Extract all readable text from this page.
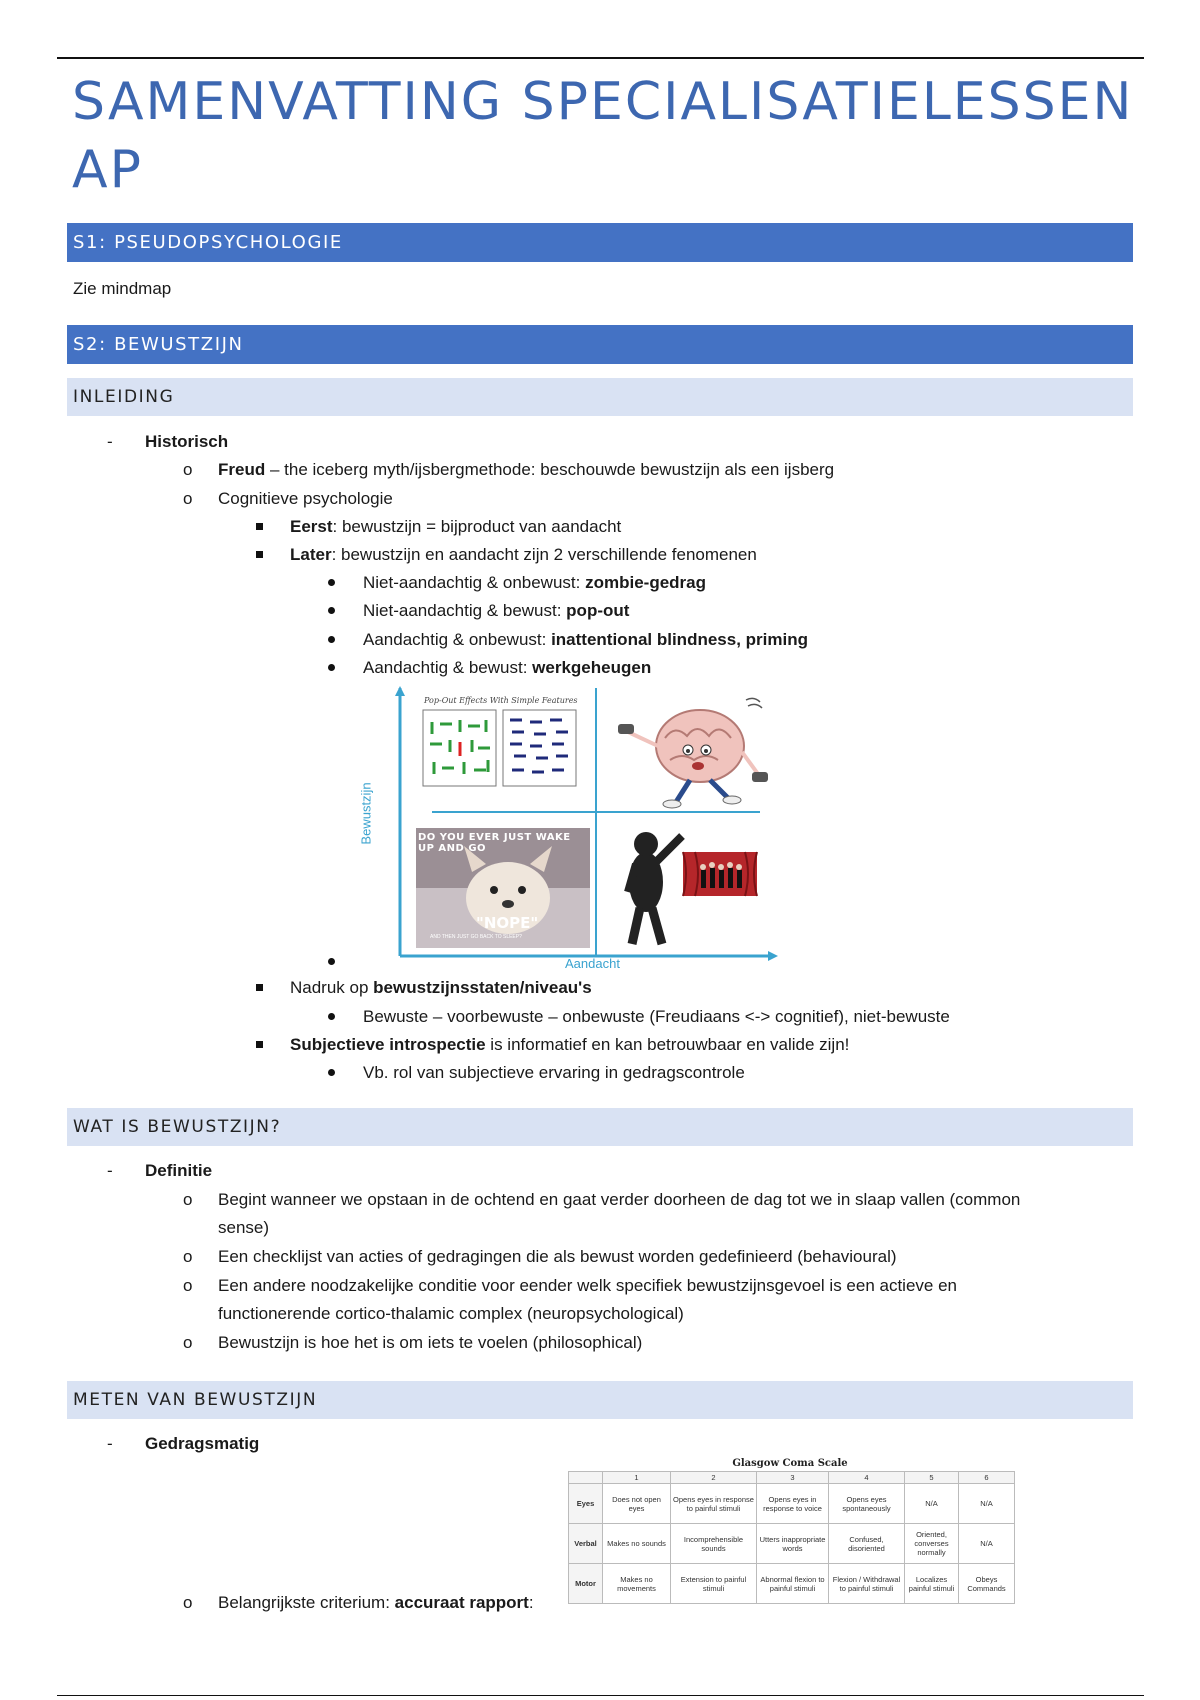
SAMENVATTING SPECIALISATIELESSEN AP
S1: PSEUDOPSYCHOLOGIE
Zie mindmap
S2: BEWUSTZIJN
INLEIDING
- Historisch
o Freud – the iceberg myth/ijsbergmethode: beschouwde bewustzijn als een ijsberg
o Cognitieve psychologie
Eerst: bewustzijn = bijproduct van aandacht
Later: bewustzijn en aandacht zijn 2 verschillende fenomenen
Niet-aandachtig & onbewust: zombie-gedrag
Niet-aandachtig & bewust: pop-out
Aandachtig & onbewust: inattentional blindness, priming
Aandachtig & bewust: werkgeheugen
Pop-Out Effects With Simple Features
DO YOU EVER JUST WAKE UP AND GO
"NOPE"
AND THEN JUST GO BACK TO SLEEP?
Bewustzijn
Aandacht
Nadruk op bewustzijnsstaten/niveau's
Bewuste – voorbewuste – onbewuste (Freudiaans <-> cognitief), niet-bewuste
Subjectieve introspectie is informatief en kan betrouwbaar en valide zijn!
Vb. rol van subjectieve ervaring in gedragscontrole
WAT IS BEWUSTZIJN?
- Definitie
o Begint wanneer we opstaan in de ochtend en gaat verder doorheen de dag tot we in slaap vallen (common
sense)
o Een checklijst van acties of gedragingen die als bewust worden gedefinieerd (behavioural)
o Een andere noodzakelijke conditie voor eender welk specifiek bewustzijnsgevoel is een actieve en
functionerende cortico-thalamic complex (neuropsychological)
o Bewustzijn is hoe het is om iets te voelen (philosophical)
METEN VAN BEWUSTZIJN
- Gedragsmatig
o Belangrijkste criterium: accuraat rapport:
Glasgow Coma Scale
	1	2	3	4	5	6
Eyes	Does not open eyes	Opens eyes in response to painful stimuli	Opens eyes in response to voice	Opens eyes spontaneously	N/A	N/A
Verbal	Makes no sounds	Incomprehensible sounds	Utters inappropriate words	Confused, disoriented	Oriented, converses normally	N/A
Motor	Makes no movements	Extension to painful stimuli	Abnormal flexion to painful stimuli	Flexion / Withdrawal to painful stimuli	Localizes painful stimuli	Obeys Commands
